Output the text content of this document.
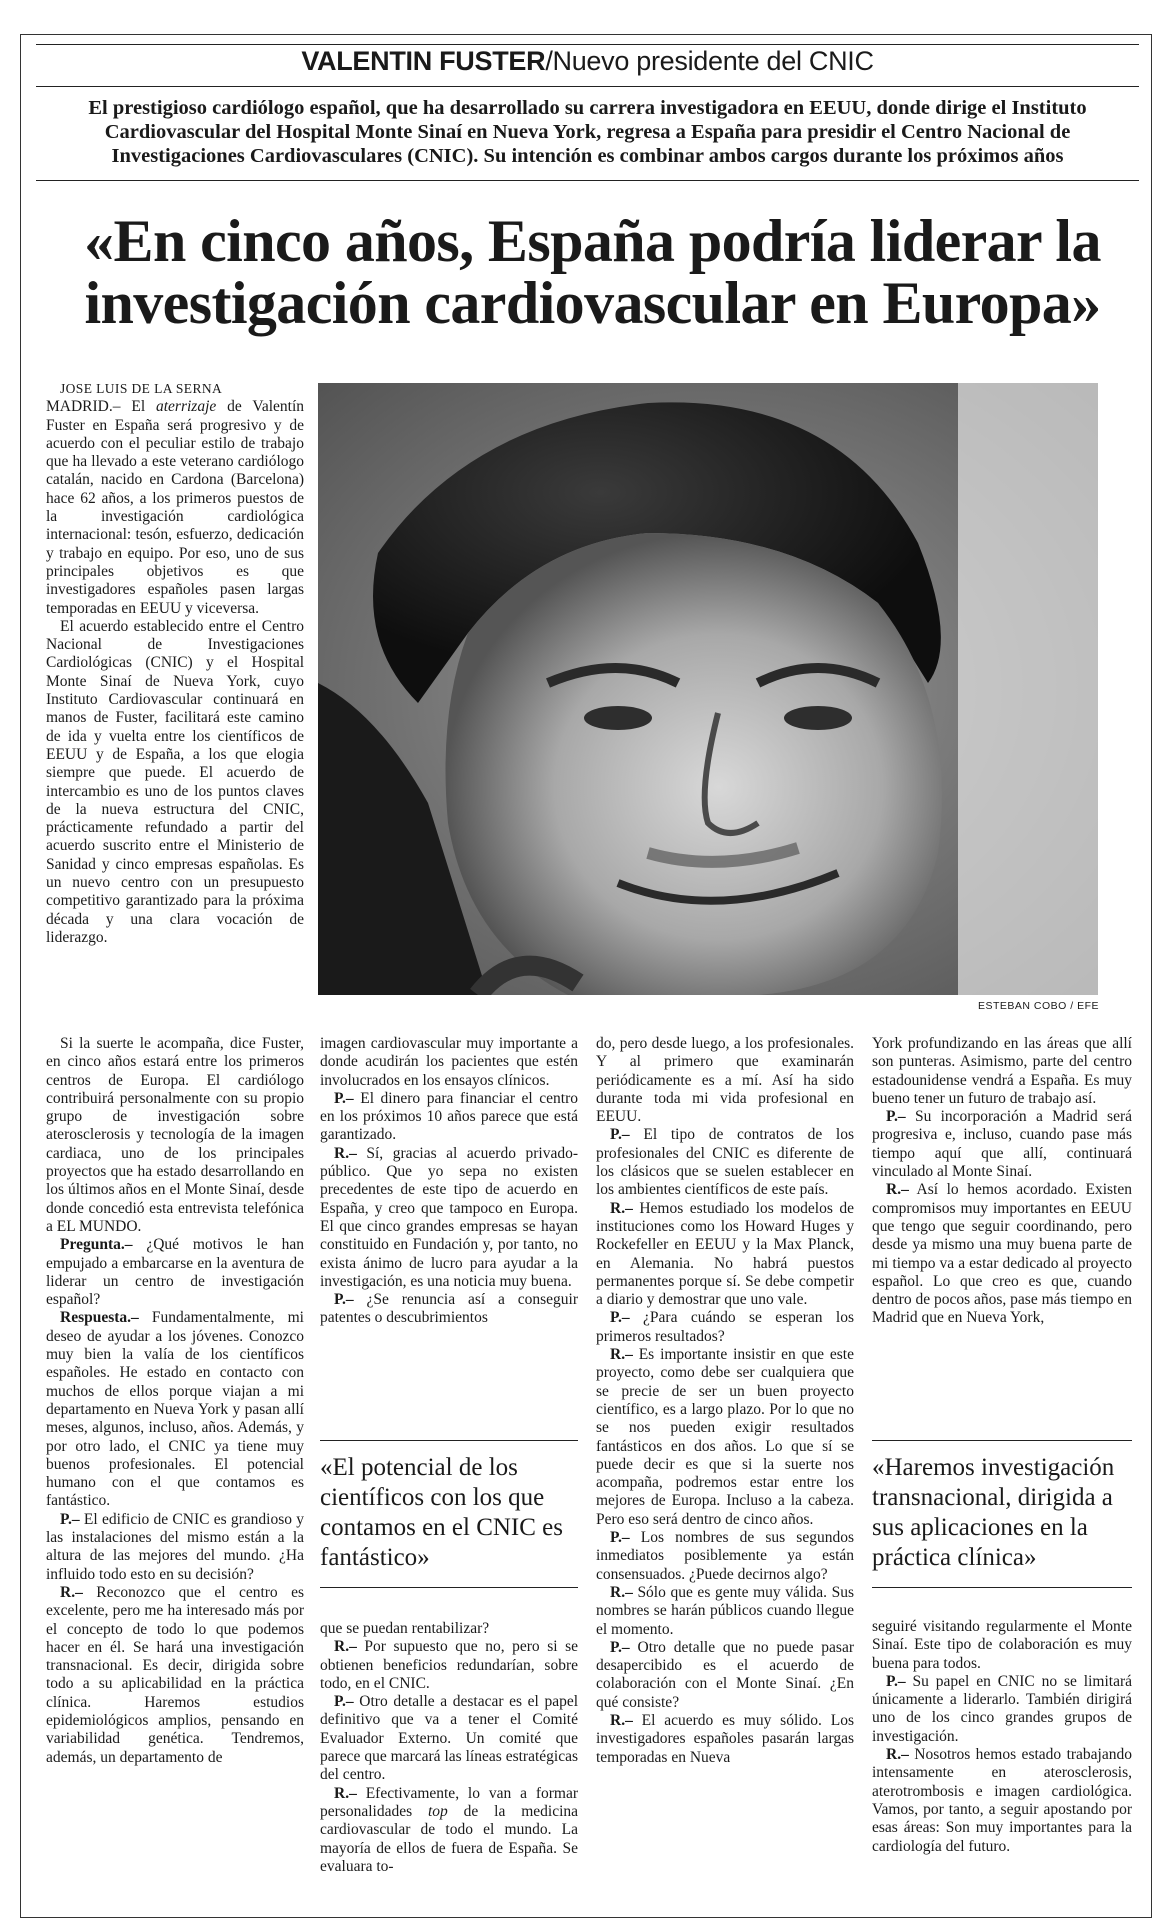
VALENTIN FUSTER/Nuevo presidente del CNIC
El prestigioso cardiólogo español, que ha desarrollado su carrera investigadora en EEUU, donde dirige el Instituto Cardiovascular del Hospital Monte Sinaí en Nueva York, regresa a España para presidir el Centro Nacional de Investigaciones Cardiovasculares (CNIC). Su intención es combinar ambos cargos durante los próximos años
«En cinco años, España podría liderar la investigación cardiovascular en Europa»
ESTEBAN COBO / EFE

JOSE LUIS DE LA SERNA

MADRID.– El aterrizaje de Valentín Fuster en España será progresivo y de acuerdo con el peculiar estilo de trabajo que ha llevado a este veterano cardiólogo catalán, nacido en Cardona (Barcelona) hace 62 años, a los primeros puestos de la investigación cardiológica internacional: tesón, esfuerzo, dedicación y trabajo en equipo. Por eso, uno de sus principales objetivos es que investigadores españoles pasen largas temporadas en EEUU y viceversa.

El acuerdo establecido entre el Centro Nacional de Investigaciones Cardiológicas (CNIC) y el Hospital Monte Sinaí de Nueva York, cuyo Instituto Cardiovascular continuará en manos de Fuster, facilitará este camino de ida y vuelta entre los científicos de EEUU y de España, a los que elogia siempre que puede. El acuerdo de intercambio es uno de los puntos claves de la nueva estructura del CNIC, prácticamente refundado a partir del acuerdo suscrito entre el Ministerio de Sanidad y cinco empresas españolas. Es un nuevo centro con un presupuesto competitivo garantizado para la próxima década y una clara vocación de liderazgo.

Si la suerte le acompaña, dice Fuster, en cinco años estará entre los primeros centros de Europa. El cardiólogo contribuirá personalmente con su propio grupo de investigación sobre aterosclerosis y tecnología de la imagen cardiaca, uno de los principales proyectos que ha estado desarrollando en los últimos años en el Monte Sinaí, desde donde concedió esta entrevista telefónica a EL MUNDO.

Pregunta.– ¿Qué motivos le han empujado a embarcarse en la aventura de liderar un centro de investigación español?

Respuesta.– Fundamentalmente, mi deseo de ayudar a los jóvenes. Conozco muy bien la valía de los científicos españoles. He estado en contacto con muchos de ellos porque viajan a mi departamento en Nueva York y pasan allí meses, algunos, incluso, años. Además, y por otro lado, el CNIC ya tiene muy buenos profesionales. El potencial humano con el que contamos es fantástico.

P.– El edificio de CNIC es grandioso y las instalaciones del mismo están a la altura de las mejores del mundo. ¿Ha influido todo esto en su decisión?

R.– Reconozco que el centro es excelente, pero me ha interesado más por el concepto de todo lo que podemos hacer en él. Se hará una investigación transnacional. Es decir, dirigida sobre todo a su aplicabilidad en la práctica clínica. Haremos estudios epidemiológicos amplios, pensando en variabilidad genética. Tendremos, además, un departamento de

imagen cardiovascular muy importante a donde acudirán los pacientes que estén involucrados en los ensayos clínicos.

P.– El dinero para financiar el centro en los próximos 10 años parece que está garantizado.

R.– Sí, gracias al acuerdo privado-público. Que yo sepa no existen precedentes de este tipo de acuerdo en España, y creo que tampoco en Europa. El que cinco grandes empresas se hayan constituido en Fundación y, por tanto, no exista ánimo de lucro para ayudar a la investigación, es una noticia muy buena.

P.– ¿Se renuncia así a conseguir patentes o descubrimientos

«El potencial de los científicos con los que contamos en el CNIC es fantástico»

que se puedan rentabilizar?

R.– Por supuesto que no, pero si se obtienen beneficios redundarían, sobre todo, en el CNIC.

P.– Otro detalle a destacar es el papel definitivo que va a tener el Comité Evaluador Externo. Un comité que parece que marcará las líneas estratégicas del centro.

R.– Efectivamente, lo van a formar personalidades top de la medicina cardiovascular de todo el mundo. La mayoría de ellos de fuera de España. Se evaluara to-

do, pero desde luego, a los profesionales. Y al primero que examinarán periódicamente es a mí. Así ha sido durante toda mi vida profesional en EEUU.

P.– El tipo de contratos de los profesionales del CNIC es diferente de los clásicos que se suelen establecer en los ambientes científicos de este país.

R.– Hemos estudiado los modelos de instituciones como los Howard Huges y Rockefeller en EEUU y la Max Planck, en Alemania. No habrá puestos permanentes porque sí. Se debe competir a diario y demostrar que uno vale.

P.– ¿Para cuándo se esperan los primeros resultados?

R.– Es importante insistir en que este proyecto, como debe ser cualquiera que se precie de ser un buen proyecto científico, es a largo plazo. Por lo que no se nos pueden exigir resultados fantásticos en dos años. Lo que sí se puede decir es que si la suerte nos acompaña, podremos estar entre los mejores de Europa. Incluso a la cabeza. Pero eso será dentro de cinco años.

P.– Los nombres de sus segundos inmediatos posiblemente ya están consensuados. ¿Puede decirnos algo?

R.– Sólo que es gente muy válida. Sus nombres se harán públicos cuando llegue el momento.

P.– Otro detalle que no puede pasar desapercibido es el acuerdo de colaboración con el Monte Sinaí. ¿En qué consiste?

R.– El acuerdo es muy sólido. Los investigadores españoles pasarán largas temporadas en Nueva

York profundizando en las áreas que allí son punteras. Asimismo, parte del centro estadounidense vendrá a España. Es muy bueno tener un futuro de trabajo así.

P.– Su incorporación a Madrid será progresiva e, incluso, cuando pase más tiempo aquí que allí, continuará vinculado al Monte Sinaí.

R.– Así lo hemos acordado. Existen compromisos muy importantes en EEUU que tengo que seguir coordinando, pero desde ya mismo una muy buena parte de mi tiempo va a estar dedicado al proyecto español. Lo que creo es que, cuando dentro de pocos años, pase más tiempo en Madrid que en Nueva York,

«Haremos investigación transnacional, dirigida a sus aplicaciones en la práctica clínica»

seguiré visitando regularmente el Monte Sinaí. Este tipo de colaboración es muy buena para todos.

P.– Su papel en CNIC no se limitará únicamente a liderarlo. También dirigirá uno de los cinco grandes grupos de investigación.

R.– Nosotros hemos estado trabajando intensamente en aterosclerosis, aterotrombosis e imagen cardiológica. Vamos, por tanto, a seguir apostando por esas áreas: Son muy importantes para la cardiología del futuro.
